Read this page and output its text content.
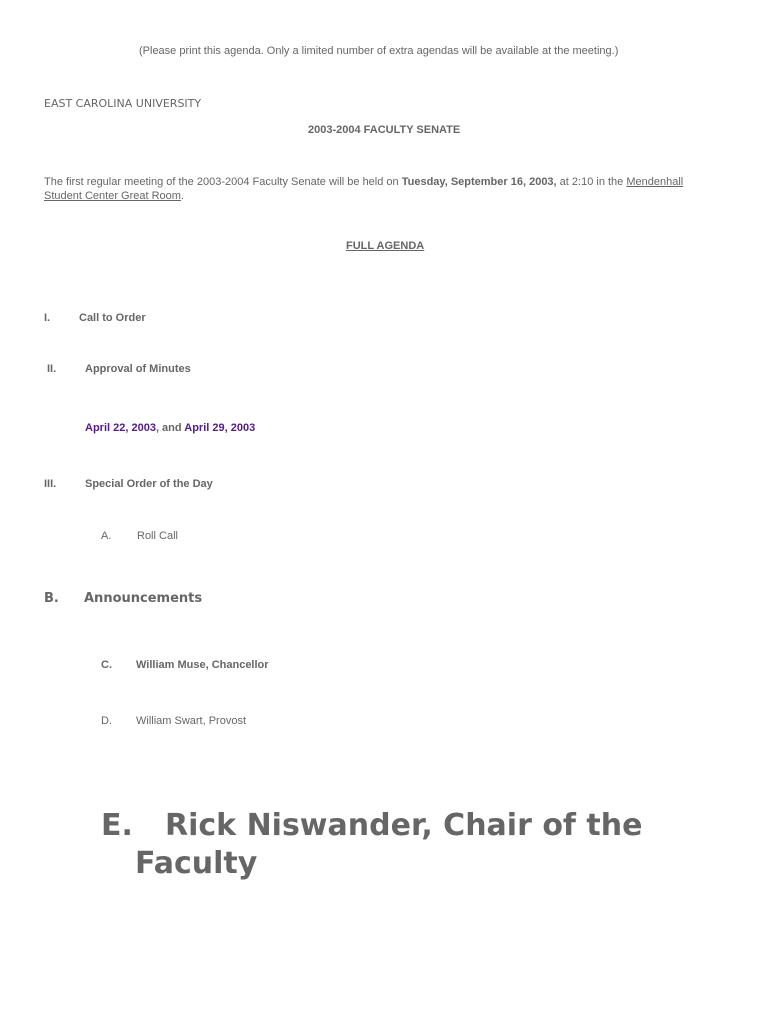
(Please print this agenda. Only a limited number of extra agendas will be available at the meeting.)
EAST CAROLINA UNIVERSITY
2003-2004 FACULTY SENATE
The first regular meeting of the 2003-2004 Faculty Senate will be held on Tuesday, September 16, 2003, at 2:10 in the Mendenhall
Student Center Great Room.
FULL AGENDA
I.	Call to Order
II.	Approval of Minutes
April 22, 2003, and April 29, 2003
III.	Special Order of the Day
A. Roll Call
B. Announcements
C. William Muse, Chancellor
D. William Swart, Provost
E. Rick Niswander, Chair of the
Faculty
